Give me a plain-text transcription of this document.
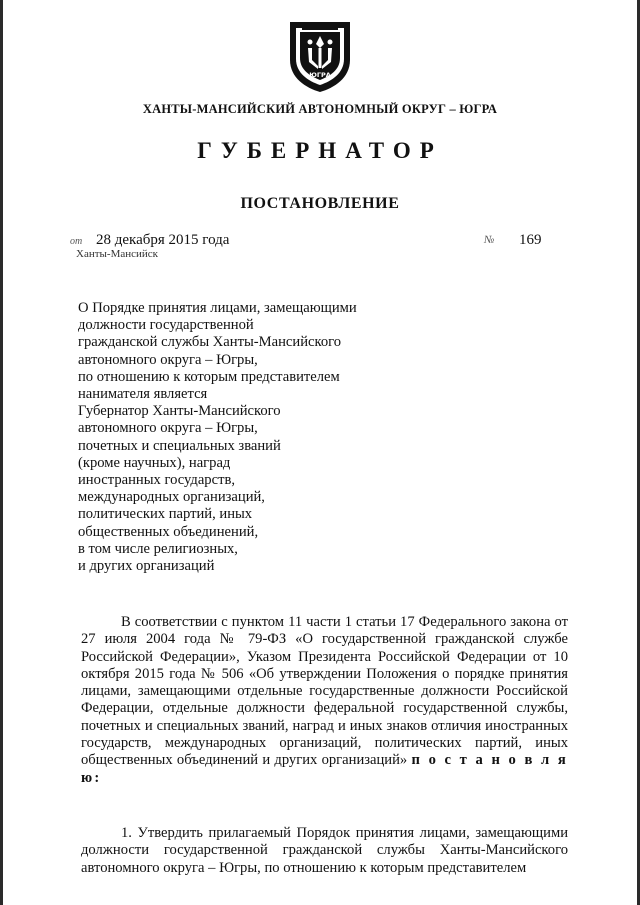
ЮГРА
ХАНТЫ-МАНСИЙСКИЙ АВТОНОМНЫЙ ОКРУГ – ЮГРА
ГУБЕРНАТОР
ПОСТАНОВЛЕНИЕ
от 28 декабря 2015 года	№ 169
Ханты-Мансийск
О Порядке принятия лицами, замещающими
должности государственной
гражданской службы Ханты-Мансийского
автономного округа – Югры,
по отношению к которым представителем
нанимателя является
Губернатор Ханты-Мансийского
автономного округа – Югры,
почетных и специальных званий
(кроме научных), наград
иностранных государств,
международных организаций,
политических партий, иных
общественных объединений,
в том числе религиозных,
и других организаций
В соответствии с пунктом 11 части 1 статьи 17 Федерального закона от 27 июля 2004 года № 79-ФЗ «О государственной гражданской службе Российской Федерации», Указом Президента Российской Федерации от 10 октября 2015 года № 506 «Об утверждении Положения о порядке принятия лицами, замещающими отдельные государственные должности Российской Федерации, отдельные должности федеральной государственной службы, почетных и специальных званий, наград и иных знаков отличия иностранных государств, международных организаций, политических партий, иных общественных объединений и других организаций» п о с т а н о в л я ю:
1. Утвердить прилагаемый Порядок принятия лицами, замещающими должности государственной гражданской службы Ханты-Мансийского автономного округа – Югры, по отношению к которым представителем
